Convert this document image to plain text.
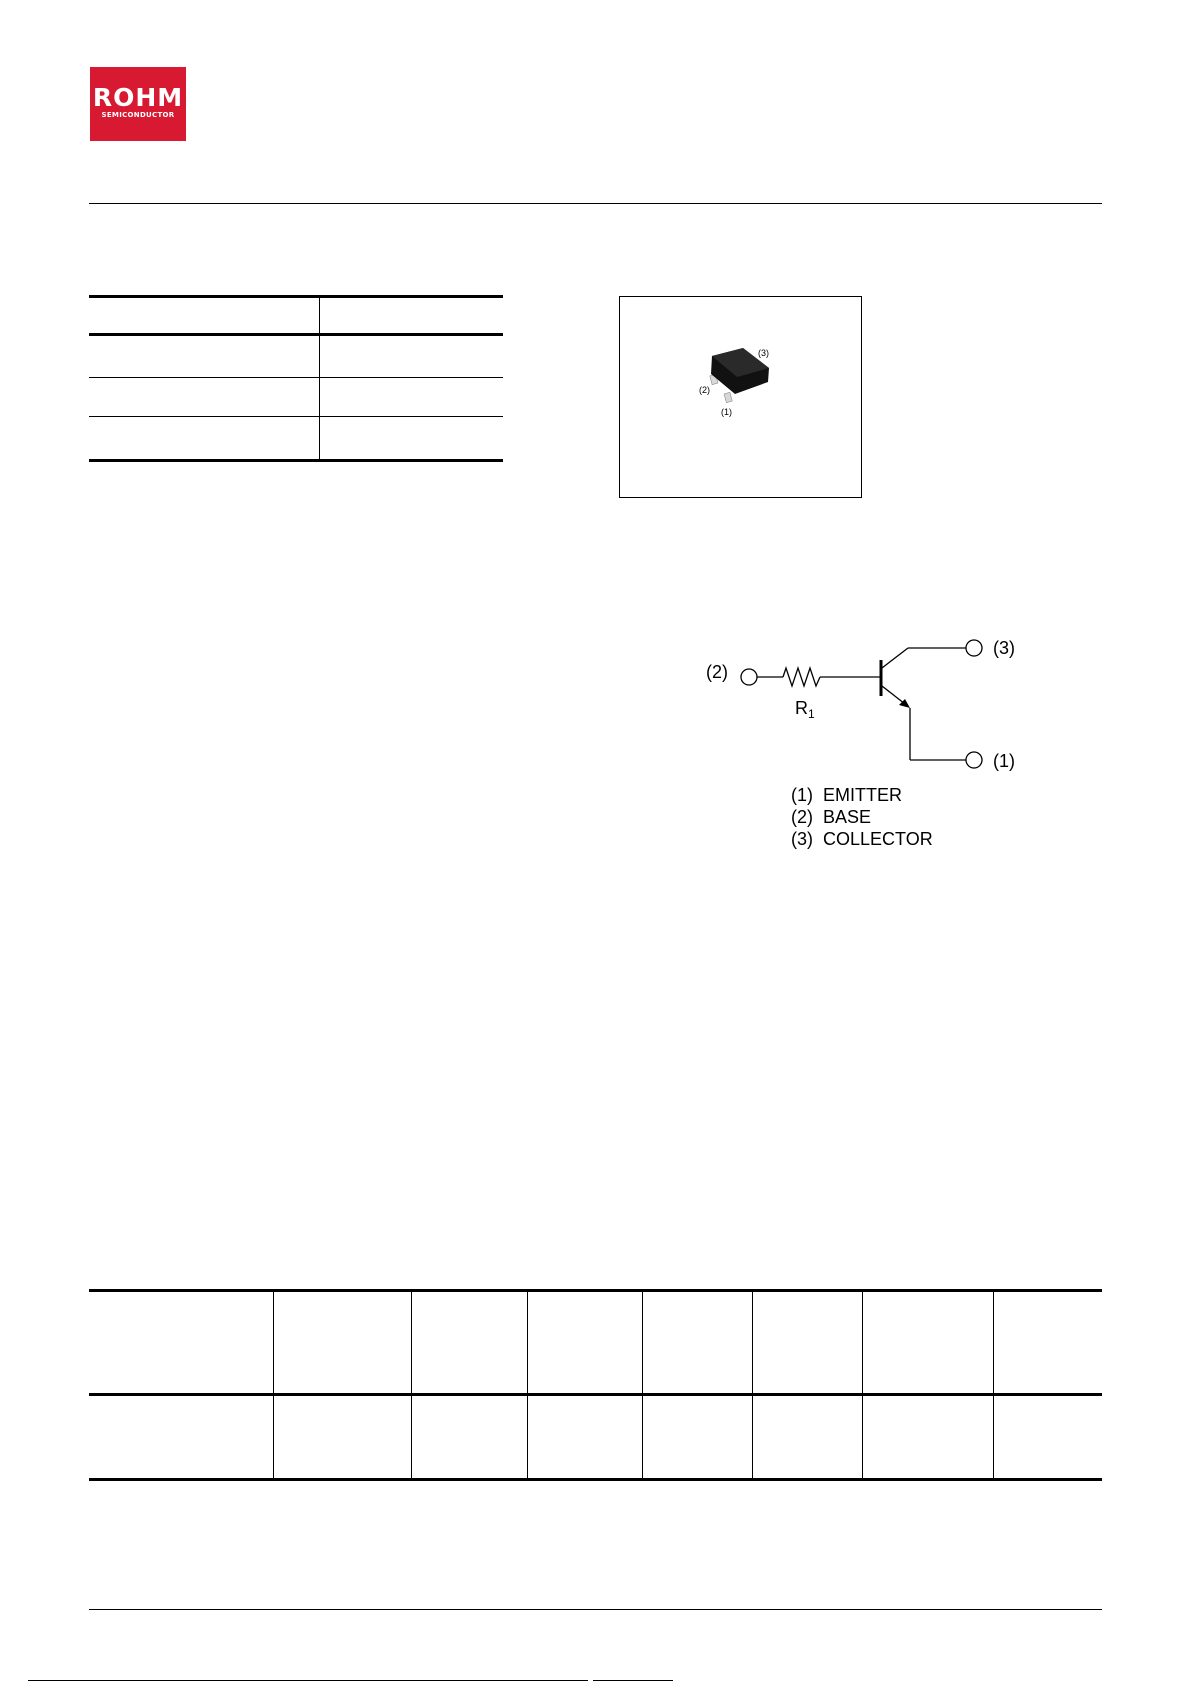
ROHM
SEMICONDUCTOR
(3)
(2)
(1)
(2)
$R_1$
(3)
(1)
(1) EMITTER
(2) BASE
(3) COLLECTOR
